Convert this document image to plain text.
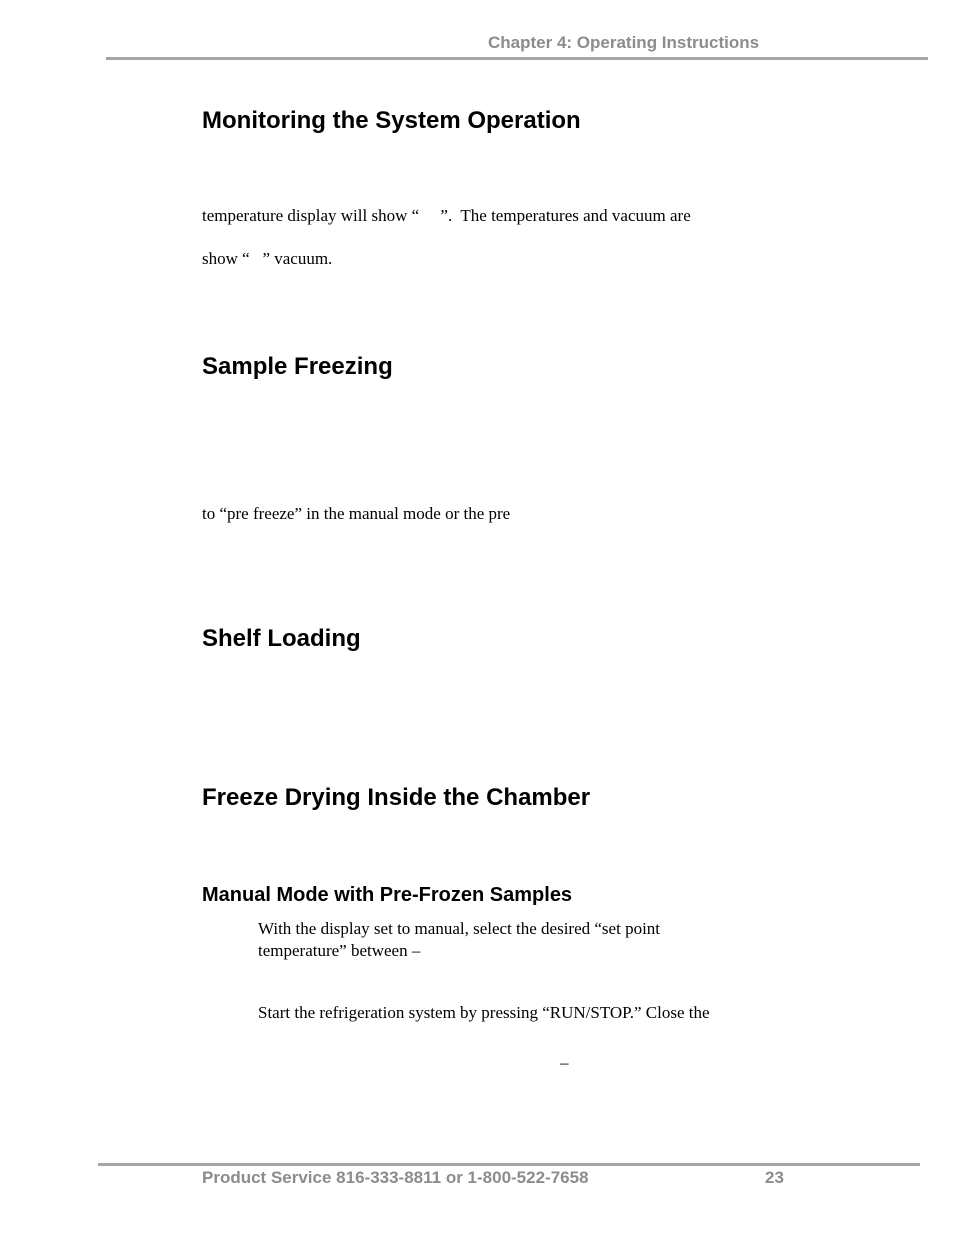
Chapter 4: Operating Instructions
Monitoring the System Operation
temperature display will show “     ”.  The temperatures and vacuum are
show “   ” vacuum.
Sample Freezing
to “pre freeze” in the manual mode or the pre
Shelf Loading
Freeze Drying Inside the Chamber
Manual Mode with Pre-Frozen Samples
With the display set to manual, select the desired “set point
temperature” between –
Start the refrigeration system by pressing “RUN/STOP.” Close the
–
Product Service 816-333-8811 or 1-800-522-7658	23
